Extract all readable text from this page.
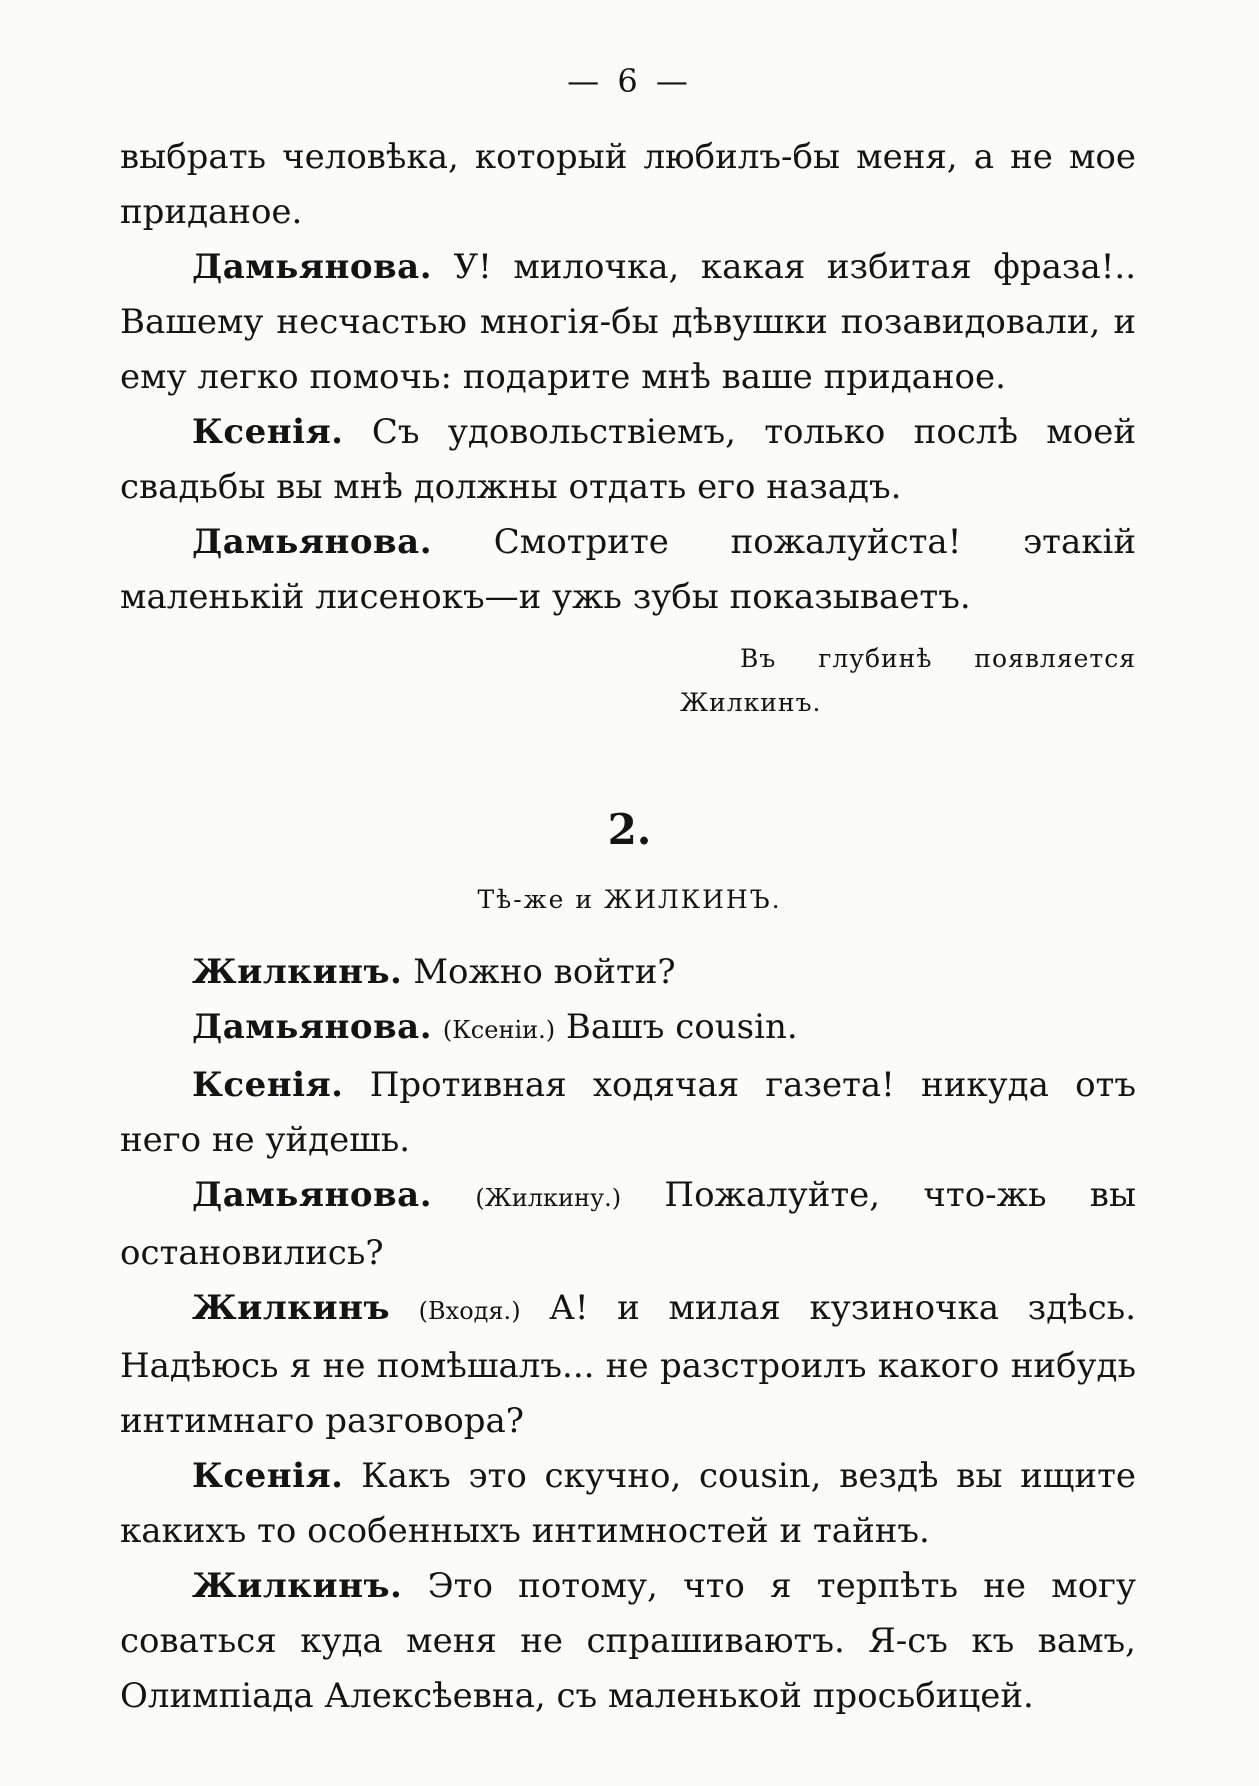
— 6 —

выбрать человѣка, который любилъ-бы меня, а не мое приданое.

Дамьянова. У! милочка, какая избитая фраза!.. Вашему несчастью многія-бы дѣвушки позавидовали, и ему легко помочь: подарите мнѣ ваше приданое.

Ксенія. Съ удовольствіемъ, только послѣ моей свадьбы вы мнѣ должны отдать его назадъ.

Дамьянова. Смотрите пожалуйста! этакій маленькій лисенокъ—и ужь зубы показываетъ.

Въ глубинѣ появляется Жилкинъ.

2.
Тѣ-же и ЖИЛКИНЪ.

Жилкинъ. Можно войти?

Дамьянова. (Ксеніи.) Вашъ cousin.

Ксенія. Противная ходячая газета! никуда отъ него не уйдешь.

Дамьянова. (Жилкину.) Пожалуйте, что-жь вы остановились?

Жилкинъ (Входя.) А! и милая кузиночка здѣсь. Надѣюсь я не помѣшалъ... не разстроилъ какого нибудь интимнаго разговора?

Ксенія. Какъ это скучно, cousin, вездѣ вы ищите какихъ то особенныхъ интимностей и тайнъ.

Жилкинъ. Это потому, что я терпѣть не могу соваться куда меня не спрашиваютъ. Я-съ къ вамъ, Олимпіада Алексѣевна, съ маленькой просьбицей.
